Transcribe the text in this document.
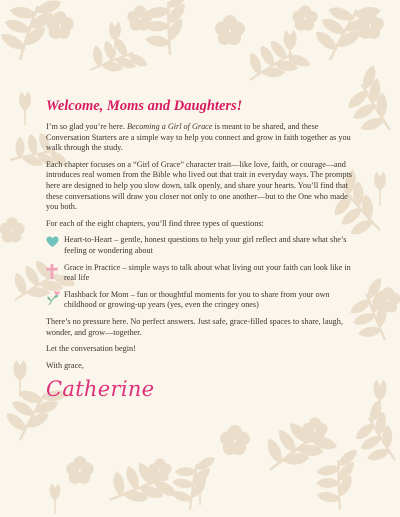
Welcome, Moms and Daughters!

I’m so glad you’re here. Becoming a Girl of Grace is meant to be shared, and these Conversation Starters are a simple way to help you connect and grow in faith together as you walk through the study.

Each chapter focuses on a “Girl of Grace” character trait—like love, faith, or courage—and introduces real women from the Bible who lived out that trait in everyday ways. The prompts here are designed to help you slow down, talk openly, and share your hearts. You’ll find that these conversations will draw you closer not only to one another—but to the One who made you both.

For each of the eight chapters, you’ll find three types of questions:

Heart-to-Heart – gentle, honest questions to help your girl reflect and share what she’s feeling or wondering about
Grace in Practice – simple ways to talk about what living out your faith can look like in real life
Flashback for Mom – fun or thoughtful moments for you to share from your own childhood or growing-up years (yes, even the cringey ones)

There’s no pressure here. No perfect answers. Just safe, grace-filled spaces to share, laugh, wonder, and grow—together.

Let the conversation begin!

With grace,

Catherine
